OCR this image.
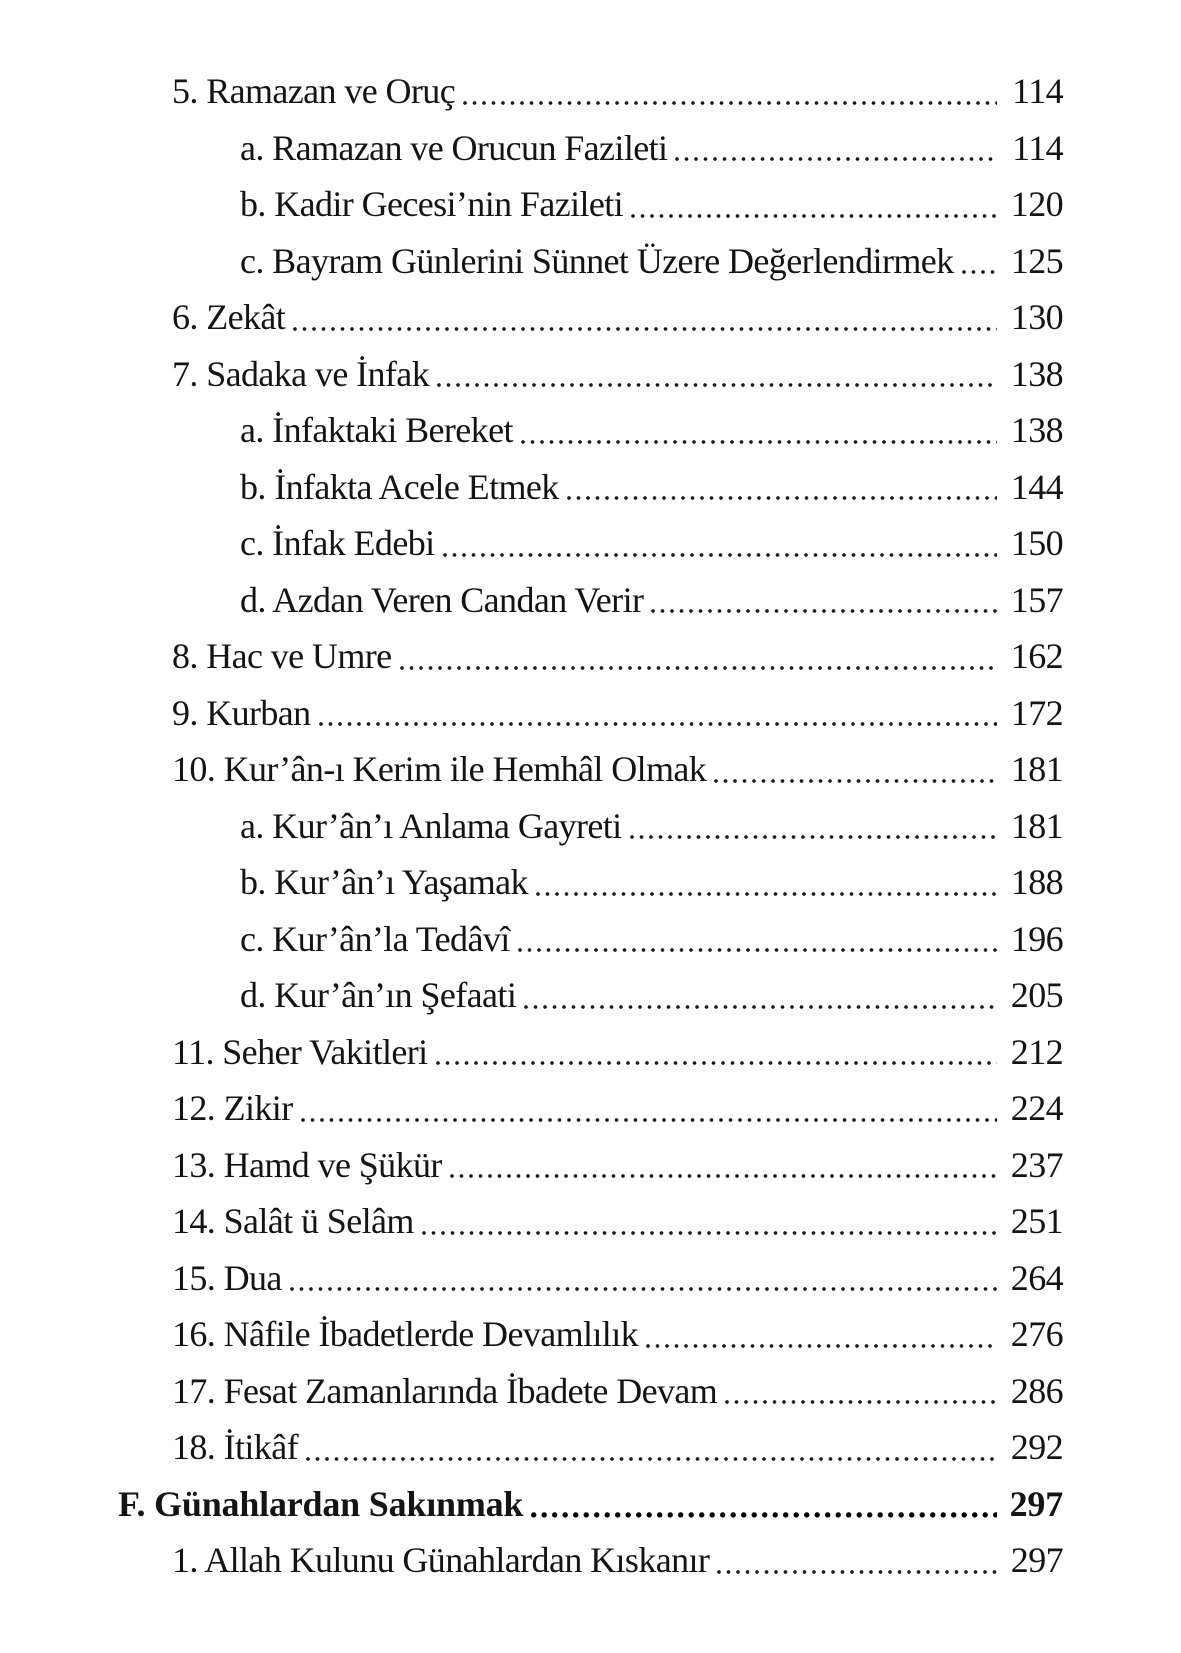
5. Ramazan ve Oruç	114
a. Ramazan ve Orucun Fazileti	114
b. Kadir Gecesi’nin Fazileti	120
c. Bayram Günlerini Sünnet Üzere Değerlendirmek 125
6. Zekât	130
7. Sadaka ve İnfak	138
a. İnfaktaki Bereket	138
b. İnfakta Acele Etmek	144
c. İnfak Edebi	150
d. Azdan Veren Candan Verir	157
8. Hac ve Umre	162
9. Kurban	172
10. Kur’ân-ı Kerim ile Hemhâl Olmak	181
a. Kur’ân’ı Anlama Gayreti	181
b. Kur’ân’ı Yaşamak	188
c. Kur’ân’la Tedâvî	196
d. Kur’ân’ın Şefaati	205
11. Seher Vakitleri	212
12. Zikir	224
13. Hamd ve Şükür	237
14. Salât ü Selâm	251
15. Dua	264
16. Nâfile İbadetlerde Devamlılık	276
17. Fesat Zamanlarında İbadete Devam	286
18. İtikâf	292
F. Günahlardan Sakınmak	297
1. Allah Kulunu Günahlardan Kıskanır	297
